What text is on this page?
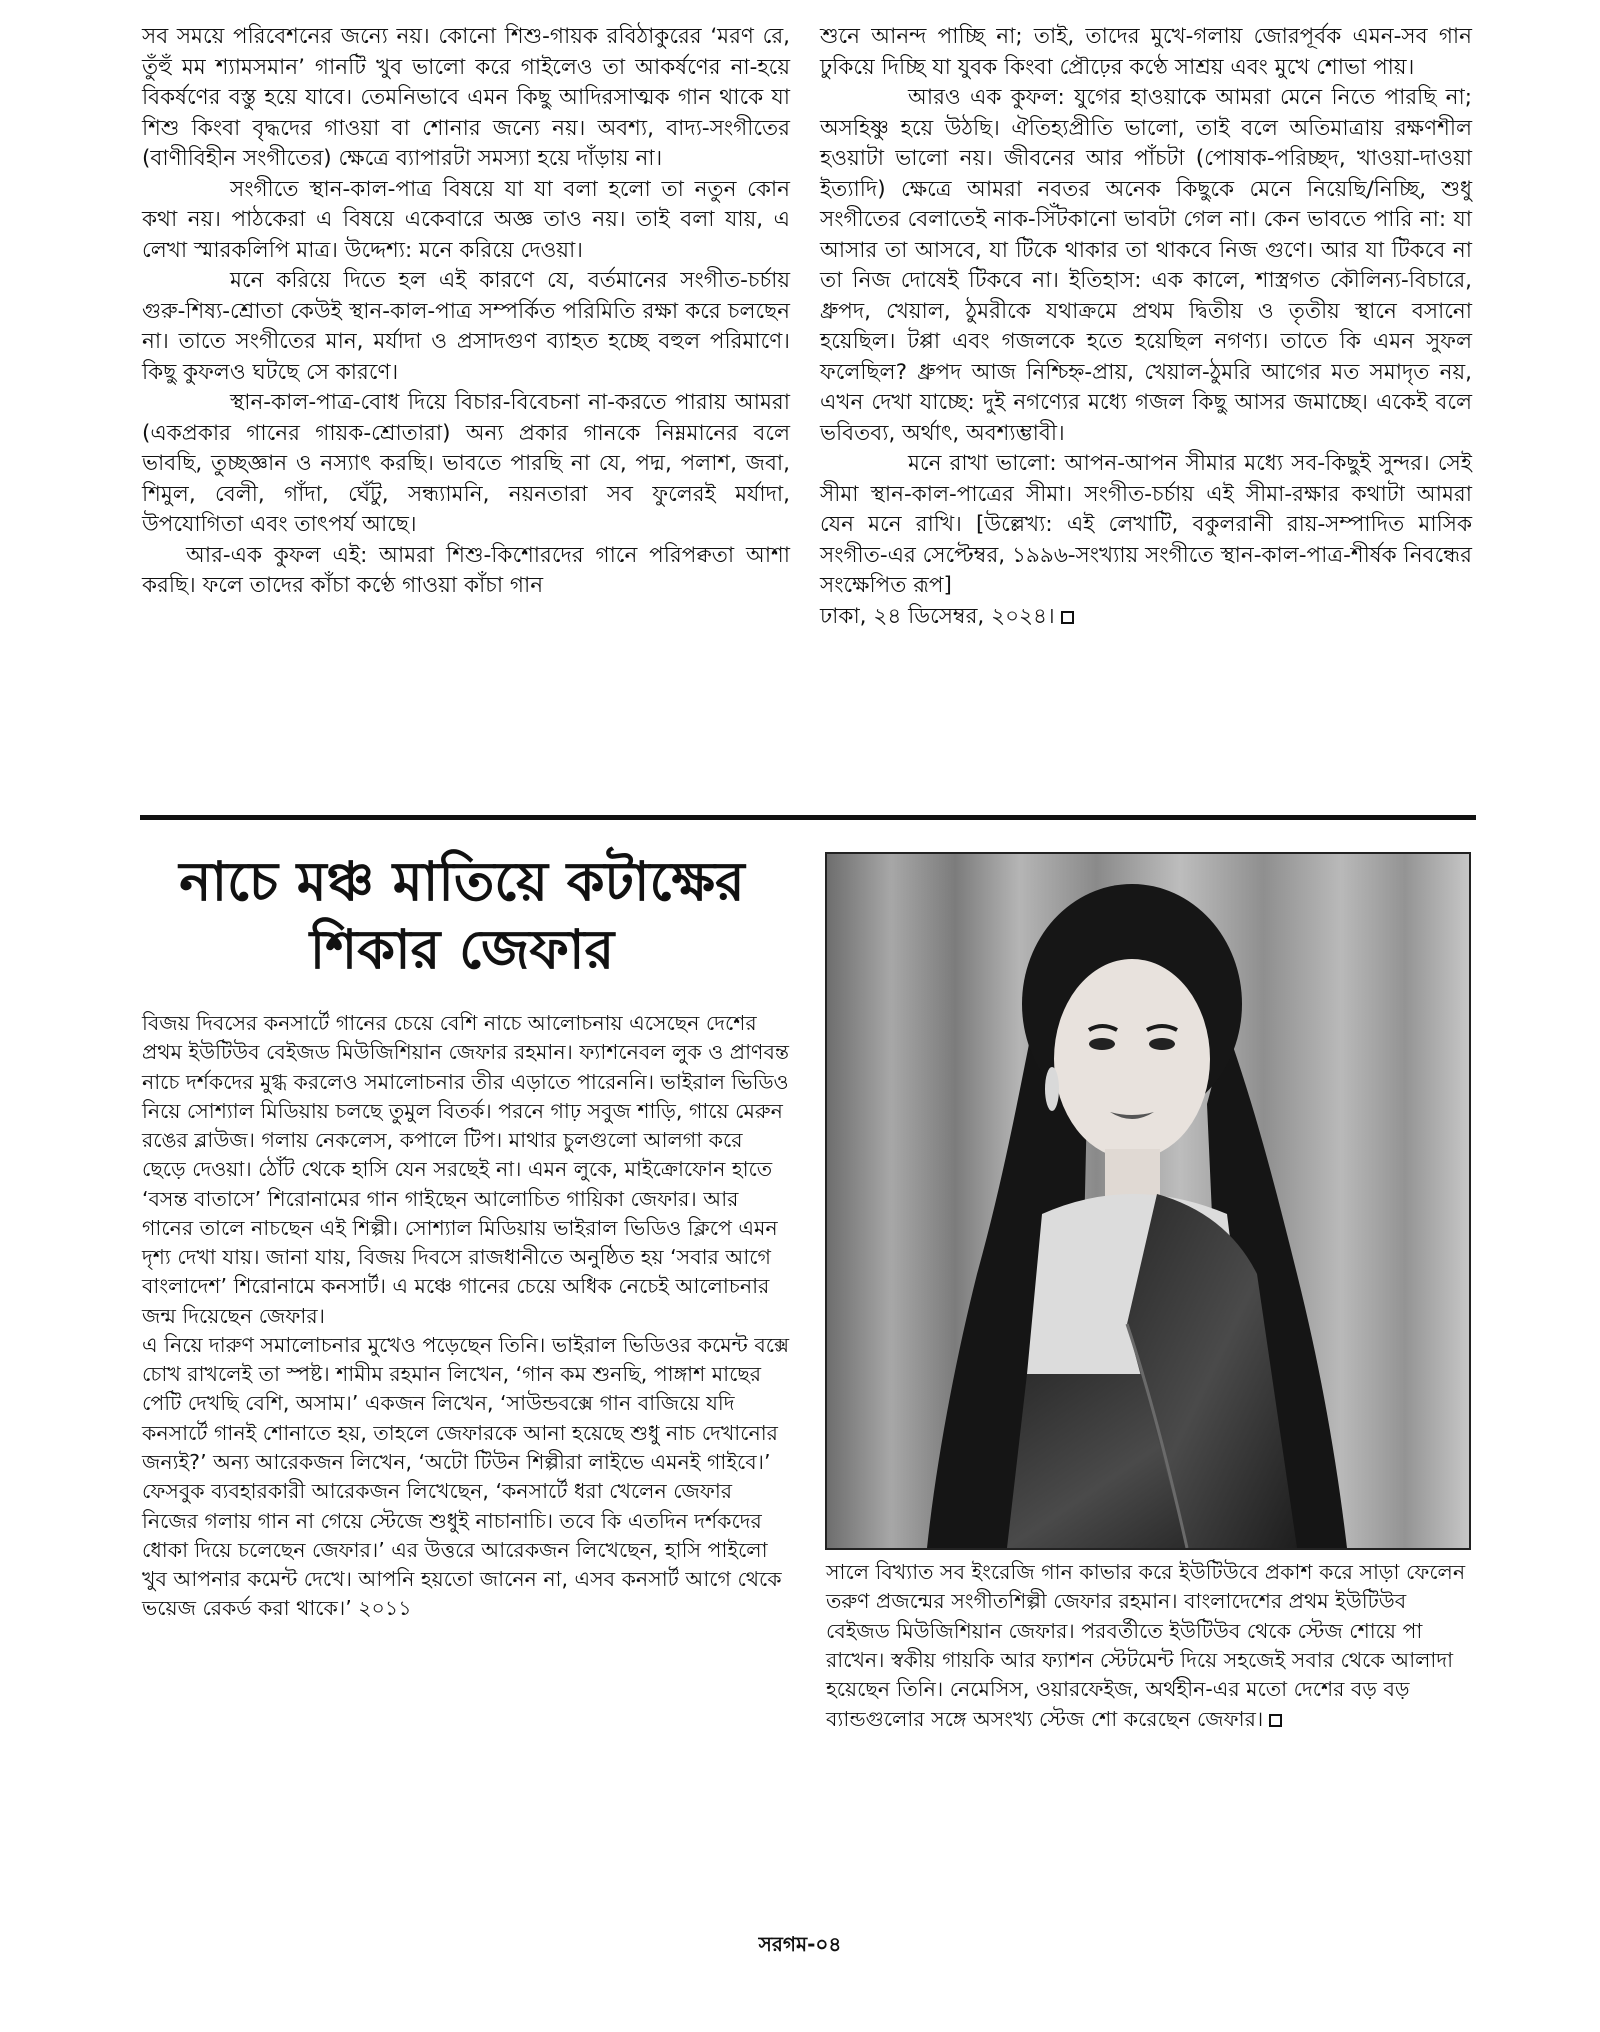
সব সময়ে পরিবেশনের জন্যে নয়। কোনো শিশু-গায়ক রবিঠাকুরের ‘মরণ রে, তুঁহুঁ মম শ্যামসমান’ গানটি খুব ভালো করে গাইলেও তা আকর্ষণের না-হয়ে বিকর্ষণের বস্তু হয়ে যাবে। তেমনিভাবে এমন কিছু আদিরসাত্মক গান থাকে যা শিশু কিংবা বৃদ্ধদের গাওয়া বা শোনার জন্যে নয়। অবশ্য, বাদ্য-সংগীতের (বাণীবিহীন সংগীতের) ক্ষেত্রে ব্যাপারটা সমস্যা হয়ে দাঁড়ায় না।

সংগীতে স্থান-কাল-পাত্র বিষয়ে যা যা বলা হলো তা নতুন কোন কথা নয়। পাঠকেরা এ বিষয়ে একেবারে অজ্ঞ তাও নয়। তাই বলা যায়, এ লেখা স্মারকলিপি মাত্র। উদ্দেশ্য: মনে করিয়ে দেওয়া।

মনে করিয়ে দিতে হল এই কারণে যে, বর্তমানের সংগীত-চর্চায় গুরু-শিষ্য-শ্রোতা কেউই স্থান-কাল-পাত্র সম্পর্কিত পরিমিতি রক্ষা করে চলছেন না। তাতে সংগীতের মান, মর্যাদা ও প্রসাদগুণ ব্যাহত হচ্ছে বহুল পরিমাণে। কিছু কুফলও ঘটছে সে কারণে।

স্থান-কাল-পাত্র-বোধ দিয়ে বিচার-বিবেচনা না-করতে পারায় আমরা (একপ্রকার গানের গায়ক-শ্রোতারা) অন্য প্রকার গানকে নিম্নমানের বলে ভাবছি, তুচ্ছজ্ঞান ও নস্যাৎ করছি। ভাবতে পারছি না যে, পদ্ম, পলাশ, জবা, শিমুল, বেলী, গাঁদা, ঘেঁটু, সন্ধ্যামনি, নয়নতারা সব ফুলেরই মর্যাদা, উপযোগিতা এবং তাৎপর্য আছে।

আর-এক কুফল এই: আমরা শিশু-কিশোরদের গানে পরিপক্বতা আশা করছি। ফলে তাদের কাঁচা কণ্ঠে গাওয়া কাঁচা গান

শুনে আনন্দ পাচ্ছি না; তাই, তাদের মুখে-গলায় জোরপূর্বক এমন-সব গান ঢুকিয়ে দিচ্ছি যা যুবক কিংবা প্রৌঢ়ের কণ্ঠে সাশ্রয় এবং মুখে শোভা পায়।

আরও এক কুফল: যুগের হাওয়াকে আমরা মেনে নিতে পারছি না; অসহিষ্ণু হয়ে উঠছি। ঐতিহ্যপ্রীতি ভালো, তাই বলে অতিমাত্রায় রক্ষণশীল হওয়াটা ভালো নয়। জীবনের আর পাঁচটা (পোষাক-পরিচ্ছদ, খাওয়া-দাওয়া ইত্যাদি) ক্ষেত্রে আমরা নবতর অনেক কিছুকে মেনে নিয়েছি/নিচ্ছি, শুধু সংগীতের বেলাতেই নাক-সিঁটকানো ভাবটা গেল না। কেন ভাবতে পারি না: যা আসার তা আসবে, যা টিকে থাকার তা থাকবে নিজ গুণে। আর যা টিকবে না তা নিজ দোষেই টিকবে না। ইতিহাস: এক কালে, শাস্ত্রগত কৌলিন্য-বিচারে, ধ্রুপদ, খেয়াল, ঠুমরীকে যথাক্রমে প্রথম দ্বিতীয় ও তৃতীয় স্থানে বসানো হয়েছিল। টপ্পা এবং গজলকে হতে হয়েছিল নগণ্য। তাতে কি এমন সুফল ফলেছিল? ধ্রুপদ আজ নিশ্চিহ্ন-প্রায়, খেয়াল-ঠুমরি আগের মত সমাদৃত নয়, এখন দেখা যাচ্ছে: দুই নগণ্যের মধ্যে গজল কিছু আসর জমাচ্ছে। একেই বলে ভবিতব্য, অর্থাৎ, অবশ্যম্ভাবী।

মনে রাখা ভালো: আপন-আপন সীমার মধ্যে সব-কিছুই সুন্দর। সেই সীমা স্থান-কাল-পাত্রের সীমা। সংগীত-চর্চায় এই সীমা-রক্ষার কথাটা আমরা যেন মনে রাখি। [উল্লেখ্য: এই লেখাটি, বকুলরানী রায়-সম্পাদিত মাসিক সংগীত-এর সেপ্টেম্বর, ১৯৯৬-সংখ্যায় সংগীতে স্থান-কাল-পাত্র-শীর্ষক নিবন্ধের সংক্ষেপিত রূপ]

ঢাকা, ২৪ ডিসেম্বর, ২০২৪।

নাচে মঞ্চ মাতিয়ে কটাক্ষের
শিকার জেফার

বিজয় দিবসের কনসার্টে গানের চেয়ে বেশি নাচে আলোচনায় এসেছেন দেশের প্রথম ইউটিউব বেইজড মিউজিশিয়ান জেফার রহমান। ফ্যাশনেবল লুক ও প্রাণবন্ত নাচে দর্শকদের মুগ্ধ করলেও সমালোচনার তীর এড়াতে পারেননি। ভাইরাল ভিডিও নিয়ে সোশ্যাল মিডিয়ায় চলছে তুমুল বিতর্ক। পরনে গাঢ় সবুজ শাড়ি, গায়ে মেরুন রঙের ব্লাউজ। গলায় নেকলেস, কপালে টিপ। মাথার চুলগুলো আলগা করে ছেড়ে দেওয়া। ঠোঁট থেকে হাসি যেন সরছেই না। এমন লুকে, মাইক্রোফোন হাতে ‘বসন্ত বাতাসে’ শিরোনামের গান গাইছেন আলোচিত গায়িকা জেফার। আর গানের তালে নাচছেন এই শিল্পী। সোশ্যাল মিডিয়ায় ভাইরাল ভিডিও ক্লিপে এমন দৃশ্য দেখা যায়। জানা যায়, বিজয় দিবসে রাজধানীতে অনুষ্ঠিত হয় ‘সবার আগে বাংলাদেশ’ শিরোনামে কনসার্ট। এ মঞ্চে গানের চেয়ে অধিক নেচেই আলোচনার জন্ম দিয়েছেন জেফার।

এ নিয়ে দারুণ সমালোচনার মুখেও পড়েছেন তিনি। ভাইরাল ভিডিওর কমেন্ট বক্সে চোখ রাখলেই তা স্পষ্ট। শামীম রহমান লিখেন, ‘গান কম শুনছি, পাঙ্গাশ মাছের পেটি দেখছি বেশি, অসাম।’ একজন লিখেন, ‘সাউন্ডবক্সে গান বাজিয়ে যদি কনসার্টে গানই শোনাতে হয়, তাহলে জেফারকে আনা হয়েছে শুধু নাচ দেখানোর জন্যই?’ অন্য আরেকজন লিখেন, ‘অটো টিউন শিল্পীরা লাইভে এমনই গাইবে।’ ফেসবুক ব্যবহারকারী আরেকজন লিখেছেন, ‘কনসার্টে ধরা খেলেন জেফার নিজের গলায় গান না গেয়ে স্টেজে শুধুই নাচানাচি। তবে কি এতদিন দর্শকদের ধোকা দিয়ে চলেছেন জেফার।’ এর উত্তরে আরেকজন লিখেছেন, হাসি পাইলো খুব আপনার কমেন্ট দেখে। আপনি হয়তো জানেন না, এসব কনসার্ট আগে থেকে ভয়েজ রেকর্ড করা থাকে।’ ২০১১

সালে বিখ্যাত সব ইংরেজি গান কাভার করে ইউটিউবে প্রকাশ করে সাড়া ফেলেন তরুণ প্রজন্মের সংগীতশিল্পী জেফার রহমান। বাংলাদেশের প্রথম ইউটিউব বেইজড মিউজিশিয়ান জেফার। পরবর্তীতে ইউটিউব থেকে স্টেজ শোয়ে পা রাখেন। স্বকীয় গায়কি আর ফ্যাশন স্টেটমেন্ট দিয়ে সহজেই সবার থেকে আলাদা হয়েছেন তিনি। নেমেসিস, ওয়ারফেইজ, অর্থহীন-এর মতো দেশের বড় বড় ব্যান্ডগুলোর সঙ্গে অসংখ্য স্টেজ শো করেছেন জেফার।

সরগম-০৪
